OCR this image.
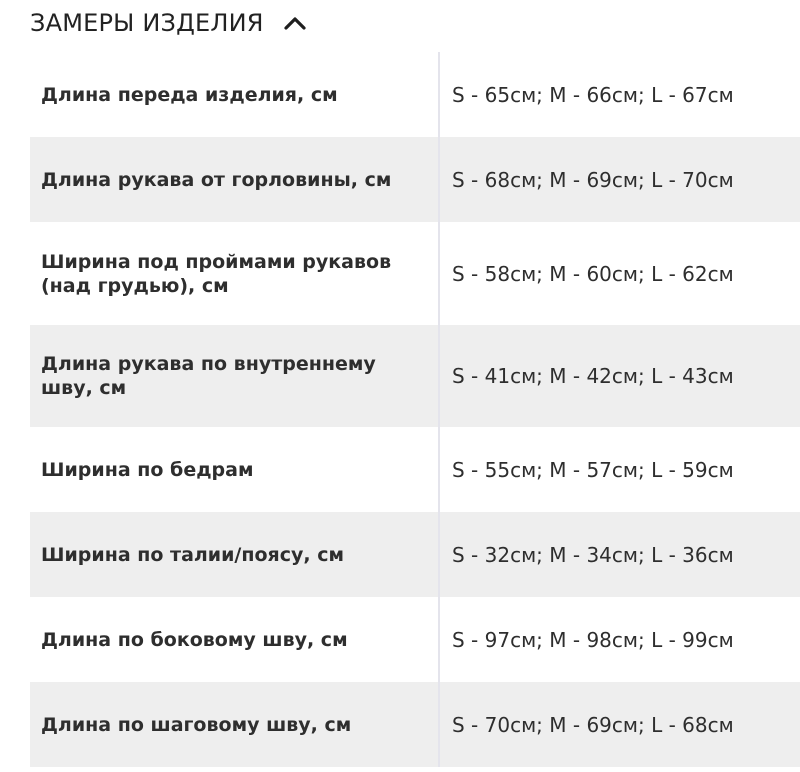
ЗАМЕРЫ ИЗДЕЛИЯ
Длина переда изделия, см	S - 65см; M - 66см; L - 67см
Длина рукава от горловины, см	S - 68см; M - 69см; L - 70см
Ширина под проймами рукавов (над грудью), см	S - 58см; M - 60см; L - 62см
Длина рукава по внутреннему шву, см	S - 41см; M - 42см; L - 43см
Ширина по бедрам	S - 55см; M - 57см; L - 59см
Ширина по талии/поясу, см	S - 32см; M - 34см; L - 36см
Длина по боковому шву, см	S - 97см; M - 98см; L - 99см
Длина по шаговому шву, см	S - 70см; M - 69см; L - 68см
